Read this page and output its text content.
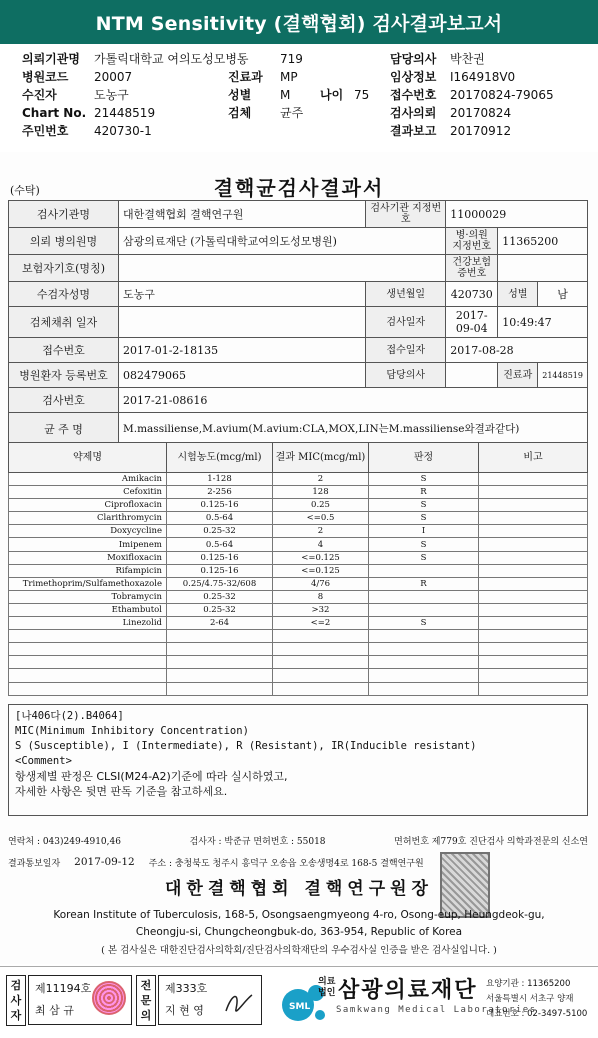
NTM Sensitivity (결핵협회) 검사결과보고서
의뢰기관명	가톨릭대학교 여의도성모병동	719	담당의사	박찬권
병원코드	20007	진료과	MP	임상정보	I164918V0
수진자	도농구	성별	M	나이 75	접수번호	20170824-79065
Chart No. 21448519	검체	균주	검사의뢰	20170824
주민번호	420730-1	결과보고	20170912
(수탁)	결핵균검사결과서
검사기관명	대한결핵협회 결핵연구원	검사기관 지정번호	11000029		
의뢰 병의원명	삼광의료재단 (가톨릭대학교여의도성모병원)		병·의원 지정번호	11365200	
보험자기호(명칭)			건강보험 증번호		
수검자성명	도농구	생년월일	420730	성별	남
검체채취 일자		검사일자	2017-09-04	10:49:47	
접수번호	2017-01-2-18135	접수일자	2017-08-28		
병원환자 등록번호	082479065	담당의사		진료과	21448519
검사번호	2017-21-08616				
균 주 명	M.massiliense,M.avium(M.avium:CLA,MOX,LIN는M.massiliense와결과같다)				
약제명	시험농도(mcg/ml)	결과 MIC(mcg/ml)	판정	비고
Amikacin	1-128	2	S	
Cefoxitin	2-256	128	R	
Ciprofloxacin	0.125-16	0.25	S	
Clarithromycin	0.5-64	<=0.5	S	
Doxycycline	0.25-32	2	I	
Imipenem	0.5-64	4	S	
Moxifloxacin	0.125-16	<=0.125	S	
Rifampicin	0.125-16	<=0.125		
Trimethoprim/Sulfamethoxazole	0.25/4.75-32/608	4/76	R	
Tobramycin	0.25-32	8		
Ethambutol	0.25-32	>32		
Linezolid	2-64	<=2	S	

[나406다(2).B4064]
MIC(Minimum Inhibitory Concentration)
S (Susceptible), I (Intermediate), R (Resistant), IR(Inducible resistant)
<Comment>
항생제별 판정은 CLSI(M24-A2)기준에 따라 실시하였고,
자세한 사항은 뒷면 판독 기준을 참고하세요.
연락처 : 043)249-4910,46	검사자 : 박준규 면허번호 : 55018	면허번호 제779호 진단검사 의학과전문의 신소연
결과통보일자 2017-09-12 주소 : 충청북도 청주시 흥덕구 오송읍 오송생명4로 168-5 결핵연구원
대한결핵협회 결핵연구원장
Korean Institute of Tuberculosis, 168-5, Osongsaengmyeong 4-ro, Osong-eup, Heungdeok-gu,
Cheongju-si, Chungcheongbuk-do, 363-954, Republic of Korea
( 본 검사실은 대한진단검사의학회/진단검사의학재단의 우수검사실 인증을 받은 검사실입니다. )
검사자
제11194호
최 삼 규
전문의
제333호
지 현 영	SML
의료
법인 삼광의료재단
Samkwang Medical Laboratories
요양기관 : 11365200
서울특별시 서초구 양재
대표번호 : 02-3497-5100
